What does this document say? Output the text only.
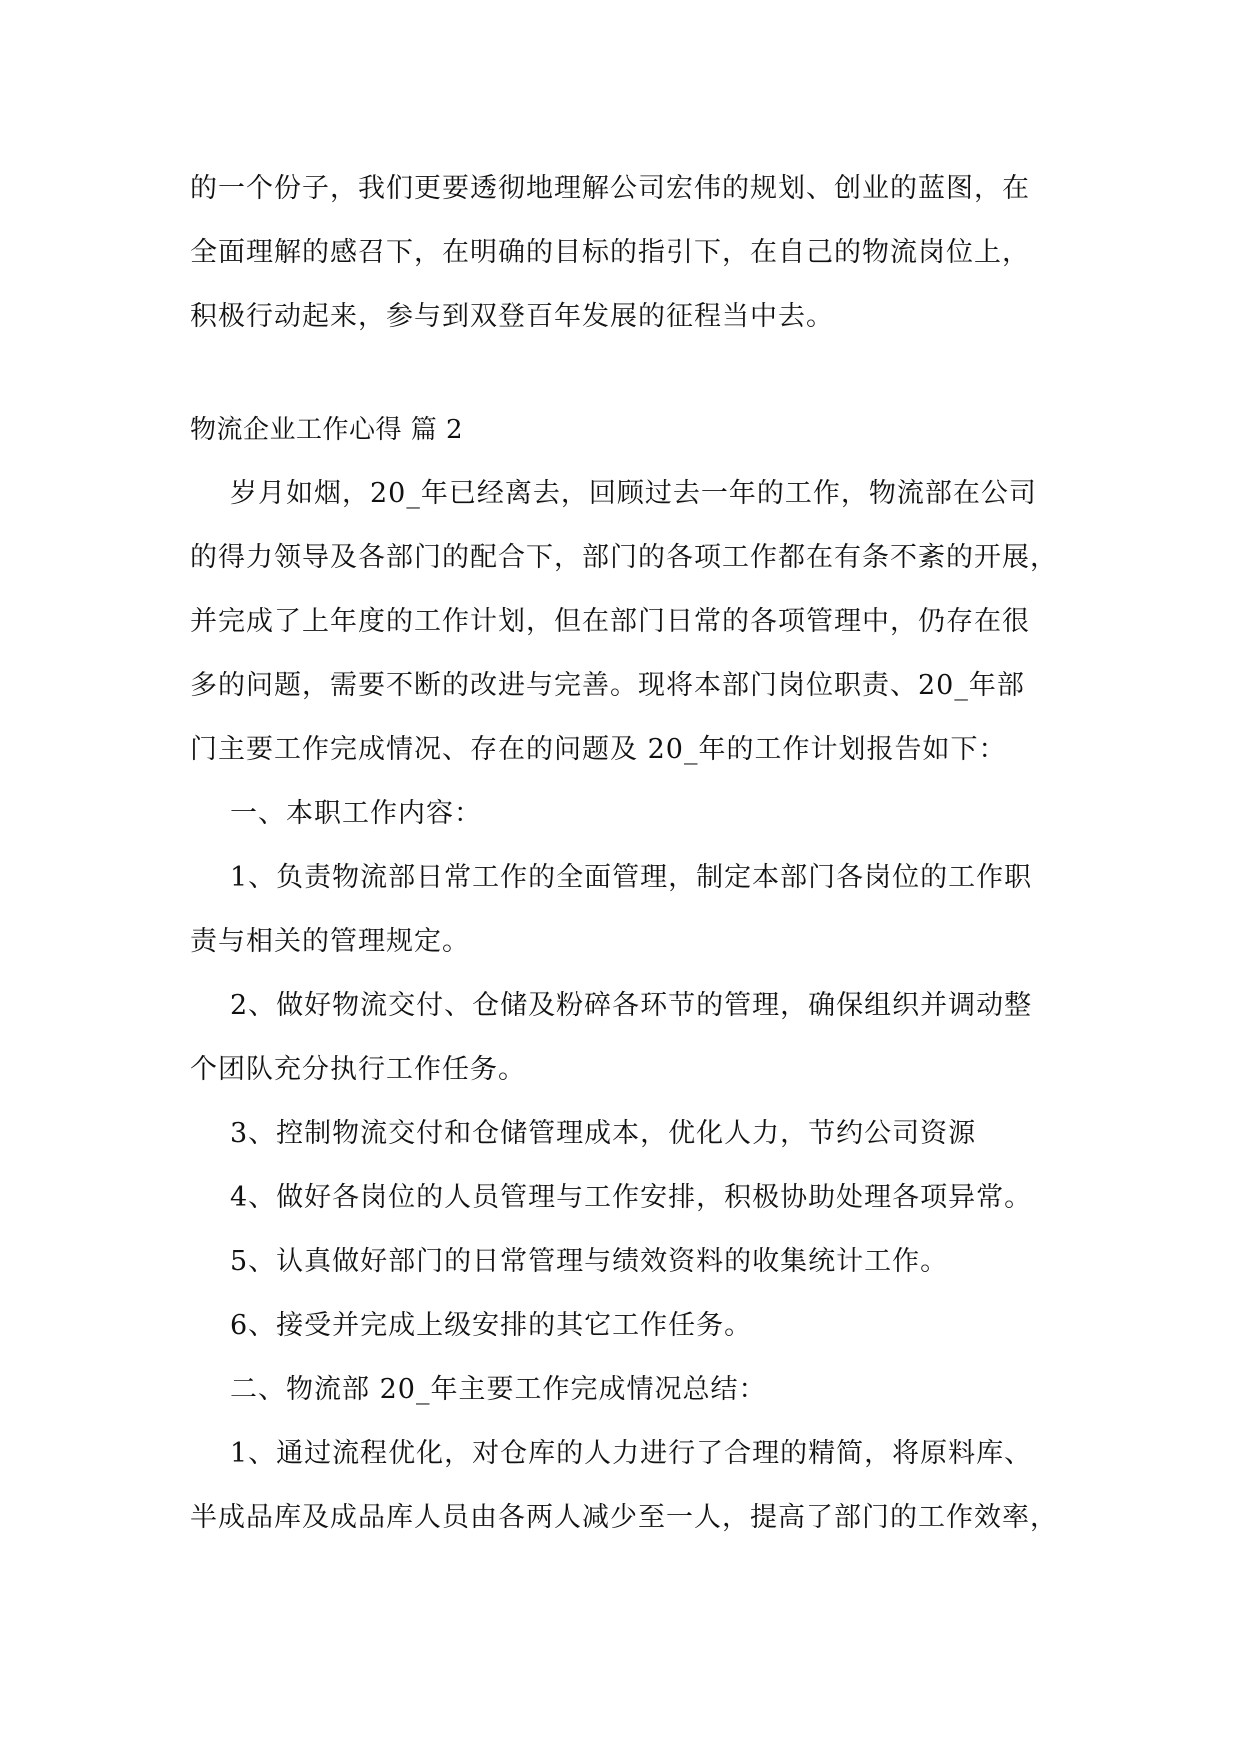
的一个份子，我们更要透彻地理解公司宏伟的规划、创业的蓝图，在
全面理解的感召下，在明确的目标的指引下，在自己的物流岗位上，
积极行动起来，参与到双登百年发展的征程当中去。
物流企业工作心得 篇 2
岁月如烟，20_年已经离去，回顾过去一年的工作，物流部在公司
的得力领导及各部门的配合下，部门的各项工作都在有条不紊的开展，
并完成了上年度的工作计划，但在部门日常的各项管理中，仍存在很
多的问题，需要不断的改进与完善。现将本部门岗位职责、20_年部
门主要工作完成情况、存在的问题及 20_年的工作计划报告如下：
一、本职工作内容：
1、负责物流部日常工作的全面管理，制定本部门各岗位的工作职
责与相关的管理规定。
2、做好物流交付、仓储及粉碎各环节的管理，确保组织并调动整
个团队充分执行工作任务。
3、控制物流交付和仓储管理成本，优化人力，节约公司资源
4、做好各岗位的人员管理与工作安排，积极协助处理各项异常。
5、认真做好部门的日常管理与绩效资料的收集统计工作。
6、接受并完成上级安排的其它工作任务。
二、物流部 20_年主要工作完成情况总结：
1、通过流程优化，对仓库的人力进行了合理的精简，将原料库、
半成品库及成品库人员由各两人减少至一人，提高了部门的工作效率，
